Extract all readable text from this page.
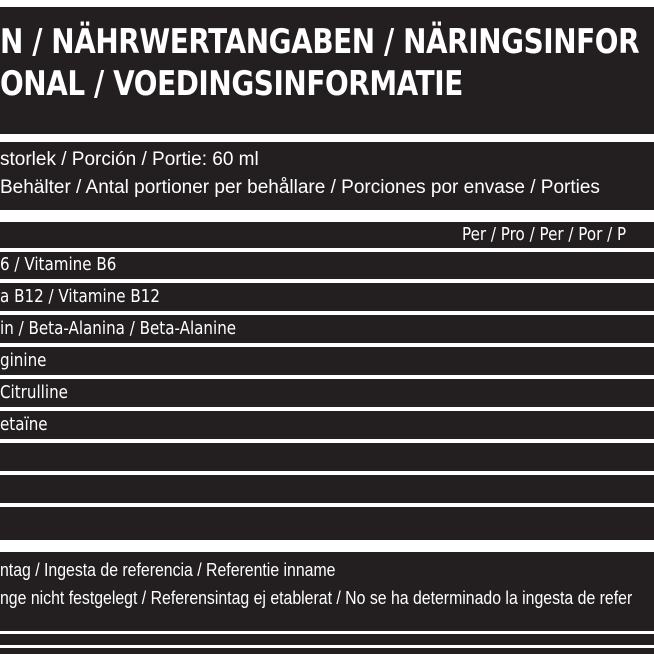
N / NÄHRWERTANGABEN / NÄRINGSINFOR
ONAL / VOEDINGSINFORMATIE
storlek / Porción / Portie: 60 ml
Behälter / Antal portioner per behållare / Porciones por envase / Porties
Per / Pro / Per / Por / P
6 / Vitamine B6
a B12 / Vitamine B12
in / Beta-Alanina / Beta-Alanine
ginine
Citrulline
etaïne
ntag / Ingesta de referencia / Referentie inname
nge nicht festgelegt / Referensintag ej etablerat / No se ha determinado la ingesta de refer
